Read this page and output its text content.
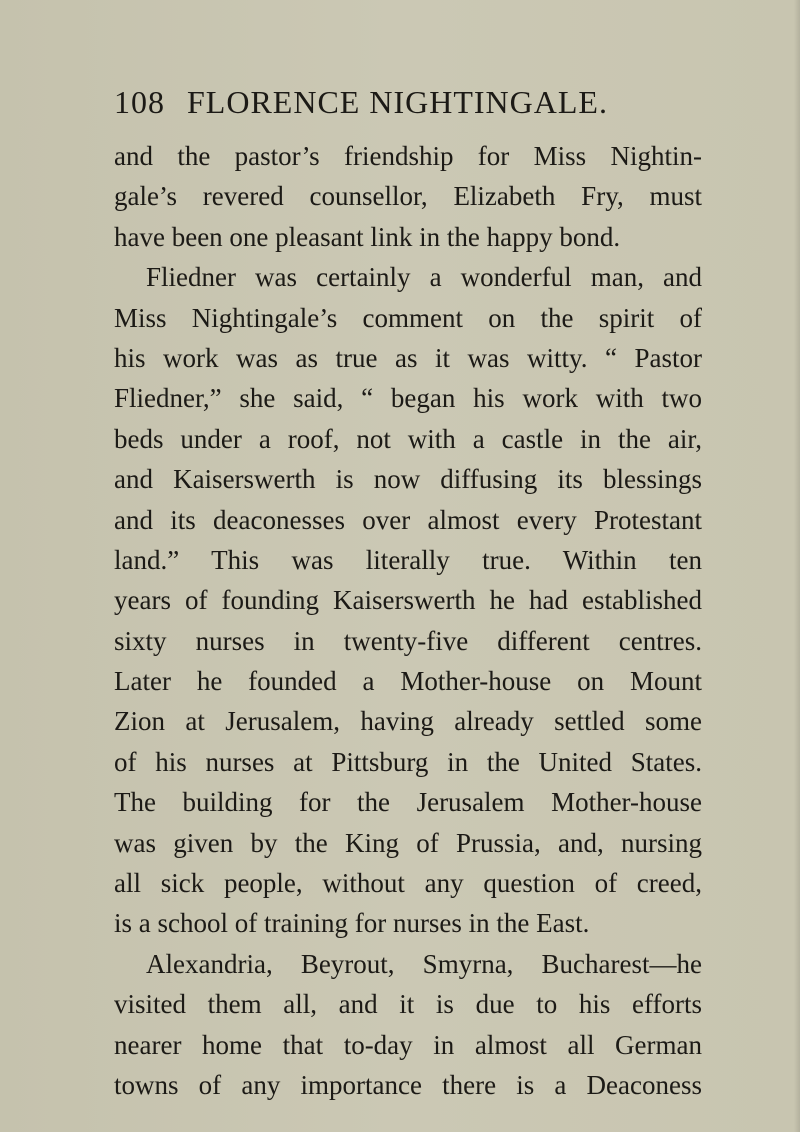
108 FLORENCE NIGHTINGALE.
and the pastor’s friendship for Miss Nightin-
gale’s revered counsellor, Elizabeth Fry, must
have been one pleasant link in the happy bond.
Fliedner was certainly a wonderful man, and
Miss Nightingale’s comment on the spirit of
his work was as true as it was witty. “ Pastor
Fliedner,” she said, “ began his work with two
beds under a roof, not with a castle in the air,
and Kaiserswerth is now diffusing its blessings
and its deaconesses over almost every Protestant
land.” This was literally true. Within ten
years of founding Kaiserswerth he had established
sixty nurses in twenty-five different centres.
Later he founded a Mother-house on Mount
Zion at Jerusalem, having already settled some
of his nurses at Pittsburg in the United States.
The building for the Jerusalem Mother-house
was given by the King of Prussia, and, nursing
all sick people, without any question of creed,
is a school of training for nurses in the East.
Alexandria, Beyrout, Smyrna, Bucharest—he
visited them all, and it is due to his efforts
nearer home that to-day in almost all German
towns of any importance there is a Deaconess
